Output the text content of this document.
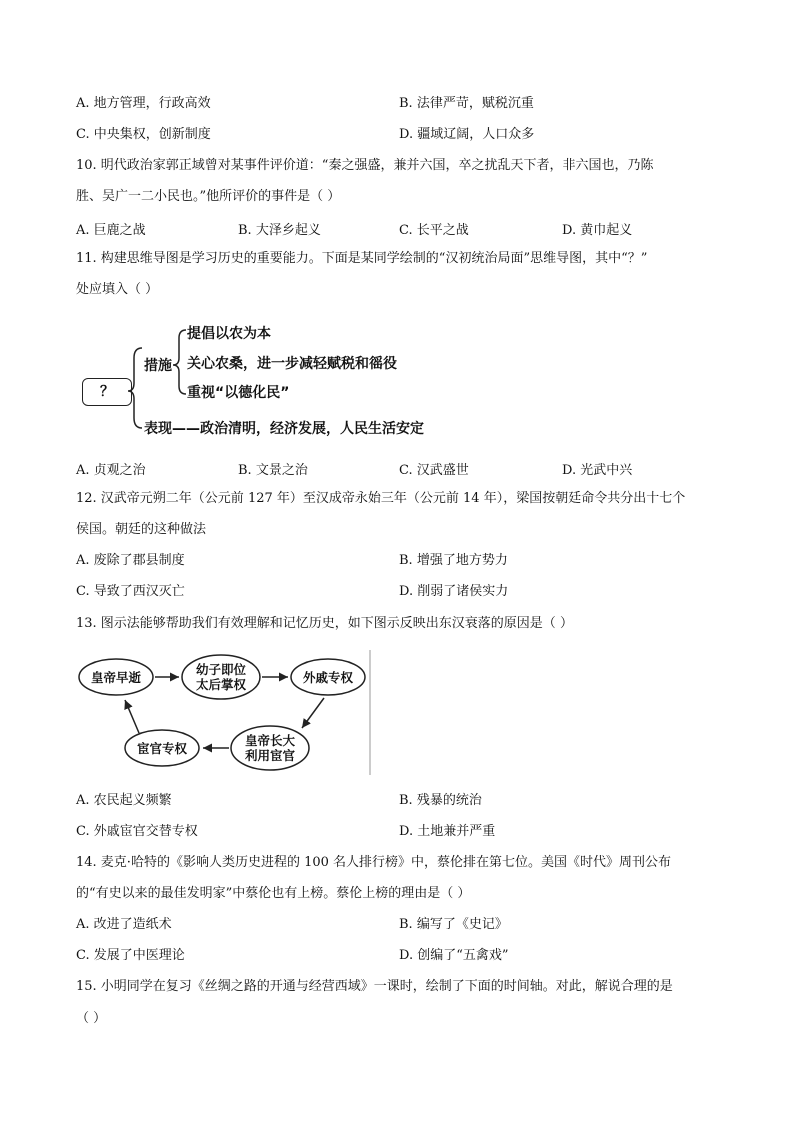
A. 地方管理，行政高效	B. 法律严苛，赋税沉重
C. 中央集权，创新制度	D. 疆域辽阔，人口众多
10. 明代政治家郭正域曾对某事件评价道：“秦之强盛，兼并六国，卒之扰乱天下者，非六国也，乃陈
胜、吴广一二小民也。”他所评价的事件是（ ）
A. 巨鹿之战	B. 大泽乡起义	C. 长平之战	D. 黄巾起义
11. 构建思维导图是学习历史的重要能力。下面是某同学绘制的“汉初统治局面”思维导图，其中“？”
处应填入（ ）
？
措施
提倡以农为本
关心农桑，进一步减轻赋税和徭役
重视“以德化民”
表现——政治清明，经济发展，人民生活安定
A. 贞观之治	B. 文景之治	C. 汉武盛世	D. 光武中兴
12. 汉武帝元朔二年（公元前 127 年）至汉成帝永始三年（公元前 14 年），梁国按朝廷命令共分出十七个
侯国。朝廷的这种做法
A. 废除了郡县制度	B. 增强了地方势力
C. 导致了西汉灭亡	D. 削弱了诸侯实力
13. 图示法能够帮助我们有效理解和记忆历史，如下图示反映出东汉衰落的原因是（ ）
皇帝早逝	幼子即位
太后掌权	外戚专权
皇帝长大
利用宦官
宦官专权
A. 农民起义频繁	B. 残暴的统治
C. 外戚宦官交替专权	D. 土地兼并严重
14. 麦克·哈特的《影响人类历史进程的 100 名人排行榜》中，蔡伦排在第七位。美国《时代》周刊公布
的“有史以来的最佳发明家”中蔡伦也有上榜。蔡伦上榜的理由是（ ）
A. 改进了造纸术	B. 编写了《史记》
C. 发展了中医理论	D. 创编了“五禽戏”
15. 小明同学在复习《丝绸之路的开通与经营西域》一课时，绘制了下面的时间轴。对此，解说合理的是
（ ）
